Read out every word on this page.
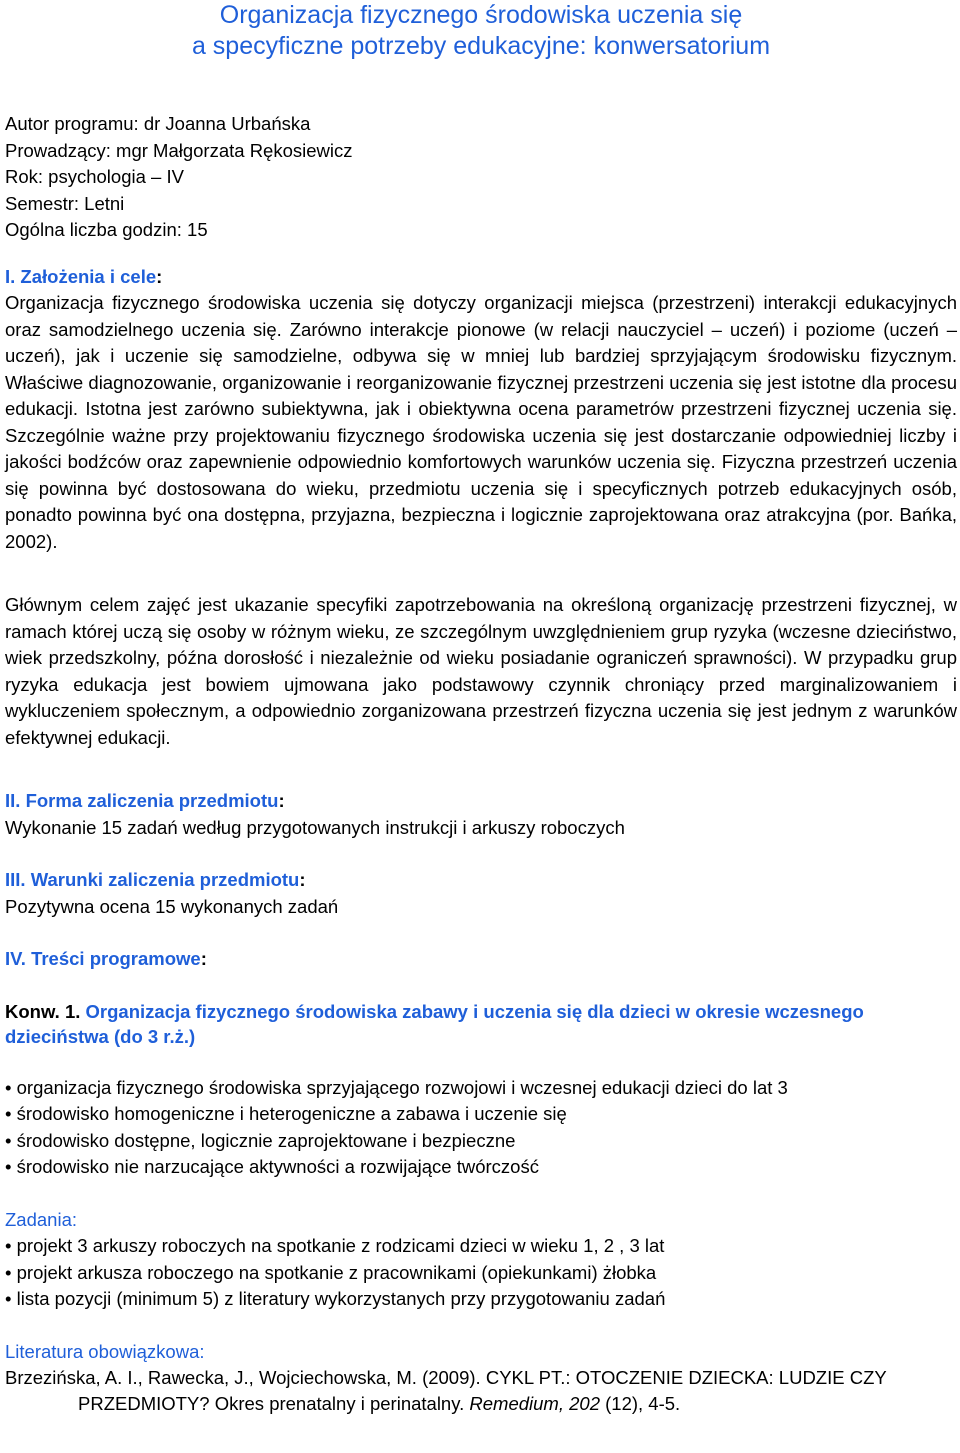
Organizacja fizycznego środowiska uczenia się
a specyficzne potrzeby edukacyjne: konwersatorium
Autor programu: dr Joanna Urbańska
Prowadzący: mgr Małgorzata Rękosiewicz
Rok: psychologia – IV
Semestr: Letni
Ogólna liczba godzin: 15
I. Założenia i cele:

Organizacja fizycznego środowiska uczenia się dotyczy organizacji miejsca (przestrzeni) interakcji edukacyjnych oraz samodzielnego uczenia się. Zarówno interakcje pionowe (w relacji nauczyciel – uczeń) i poziome (uczeń – uczeń), jak i uczenie się samodzielne, odbywa się w mniej lub bardziej sprzyjającym środowisku fizycznym. Właściwe diagnozowanie, organizowanie i reorganizowanie fizycznej przestrzeni uczenia się jest istotne dla procesu edukacji. Istotna jest zarówno subiektywna, jak i obiektywna ocena parametrów przestrzeni fizycznej uczenia się. Szczególnie ważne przy projektowaniu fizycznego środowiska uczenia się jest dostarczanie odpowiedniej liczby i jakości bodźców oraz zapewnienie odpowiednio komfortowych warunków uczenia się. Fizyczna przestrzeń uczenia się powinna być dostosowana do wieku, przedmiotu uczenia się i specyficznych potrzeb edukacyjnych osób, ponadto powinna być ona dostępna, przyjazna, bezpieczna i logicznie zaprojektowana oraz atrakcyjna (por. Bańka, 2002).

Głównym celem zajęć jest ukazanie specyfiki zapotrzebowania na określoną organizację przestrzeni fizycznej, w ramach której uczą się osoby w różnym wieku, ze szczególnym uwzględnieniem grup ryzyka (wczesne dzieciństwo, wiek przedszkolny, późna dorosłość i niezależnie od wieku posiadanie ograniczeń sprawności). W przypadku grup ryzyka edukacja jest bowiem ujmowana jako podstawowy czynnik chroniący przed marginalizowaniem i wykluczeniem społecznym, a odpowiednio zorganizowana przestrzeń fizyczna uczenia się jest jednym z warunków efektywnej edukacji.

II. Forma zaliczenia przedmiotu:
Wykonanie 15 zadań według przygotowanych instrukcji i arkuszy roboczych
III. Warunki zaliczenia przedmiotu:
Pozytywna ocena 15 wykonanych zadań
IV. Treści programowe:
Konw. 1. Organizacja fizycznego środowiska zabawy i uczenia się dla dzieci w okresie wczesnego
dzieciństwa (do 3 r.ż.)
• organizacja fizycznego środowiska sprzyjającego rozwojowi i wczesnej edukacji dzieci do lat 3
• środowisko homogeniczne i heterogeniczne a zabawa i uczenie się
• środowisko dostępne, logicznie zaprojektowane i bezpieczne
• środowisko nie narzucające aktywności a rozwijające twórczość
Zadania:
• projekt 3 arkuszy roboczych na spotkanie z rodzicami dzieci w wieku 1, 2 , 3 lat
• projekt arkusza roboczego na spotkanie z pracownikami (opiekunkami) żłobka
• lista pozycji (minimum 5) z literatury wykorzystanych przy przygotowaniu zadań
Literatura obowiązkowa:
Brzezińska, A. I., Rawecka, J., Wojciechowska, M. (2009). CYKL PT.: OTOCZENIE DZIECKA: LUDZIE CZY
PRZEDMIOTY? Okres prenatalny i perinatalny. Remedium, 202 (12), 4-5.
